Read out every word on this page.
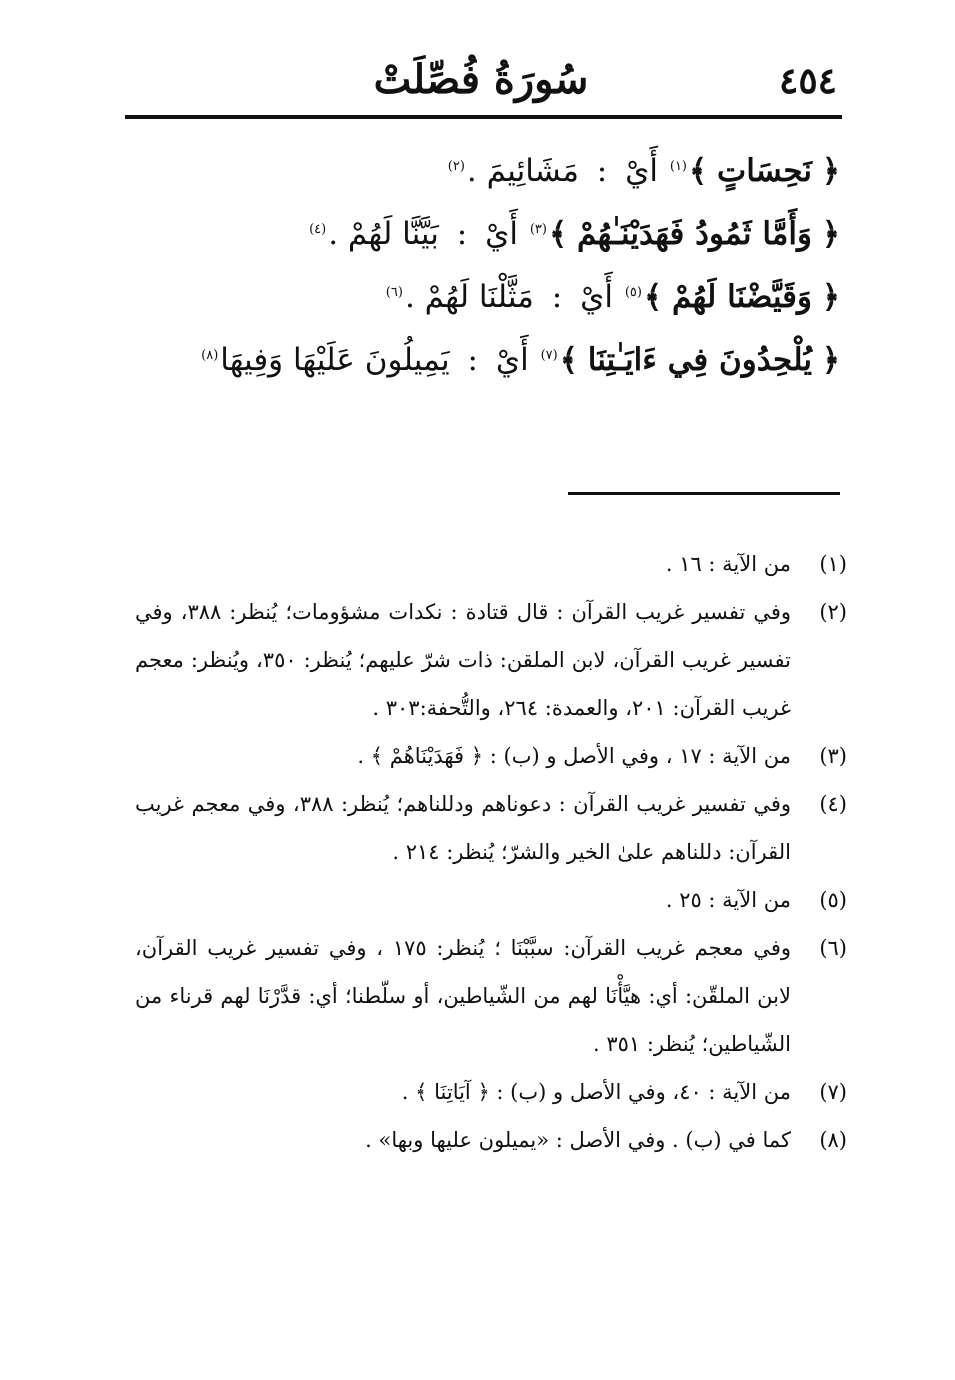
٤٥٤
سُورَةُ فُصِّلَتْ
﴿ نَحِسَاتٍ ﴾$^{(١)}$ أَيْ : مَشَائِيمَ .$^{(٢)}$
﴿ وَأَمَّا ثَمُودُ فَهَدَيْنَـٰهُمْ ﴾$^{(٣)}$ أَيْ : بَيَّنَّا لَهُمْ .$^{(٤)}$
﴿ وَقَيَّضْنَا لَهُمْ ﴾$^{(٥)}$ أَيْ : مَثَّلْنَا لَهُمْ .$^{(٦)}$
﴿ يُلْحِدُونَ فِي ءَايَـٰتِنَا ﴾$^{(٧)}$ أَيْ : يَمِيلُونَ عَلَيْهَا وَفِيهَا$^{(٨)}$
(١)
من الآية : ١٦ .
(٢)
وفي تفسير غريب القرآن : قال قتادة : نكدات مشؤومات؛ يُنظر: ٣٨٨، وفي تفسير غريب القرآن، لابن الملقن: ذات شرّ عليهم؛ يُنظر: ٣٥٠، ويُنظر: معجم غريب القرآن: ٢٠١، والعمدة: ٢٦٤، والتُّحفة:٣٠٣ .
(٣)
من الآية : ١٧ ، وفي الأصل و (ب) : ﴿ فَهَدَيْنَاهُمْ ﴾ .
(٤)
وفي تفسير غريب القرآن : دعوناهم ودللناهم؛ يُنظر: ٣٨٨، وفي معجم غريب القرآن: دللناهم علىٰ الخير والشرّ؛ يُنظر: ٢١٤ .
(٥)
من الآية : ٢٥ .
(٦)
وفي معجم غريب القرآن: سبَّبْنَا ؛ يُنظر: ١٧٥ ، وفي تفسير غريب القرآن، لابن الملقّن: أي: هيَّأْنَا لهم من الشّياطين، أو سلّطنا؛ أي: قدَّرْنَا لهم قرناء من الشّياطين؛ يُنظر: ٣٥١ .
(٧)
من الآية : ٤٠، وفي الأصل و (ب) : ﴿ آيَاتِنَا ﴾ .
(٨)
كما في (ب) . وفي الأصل : «يميلون عليها وبها» .
